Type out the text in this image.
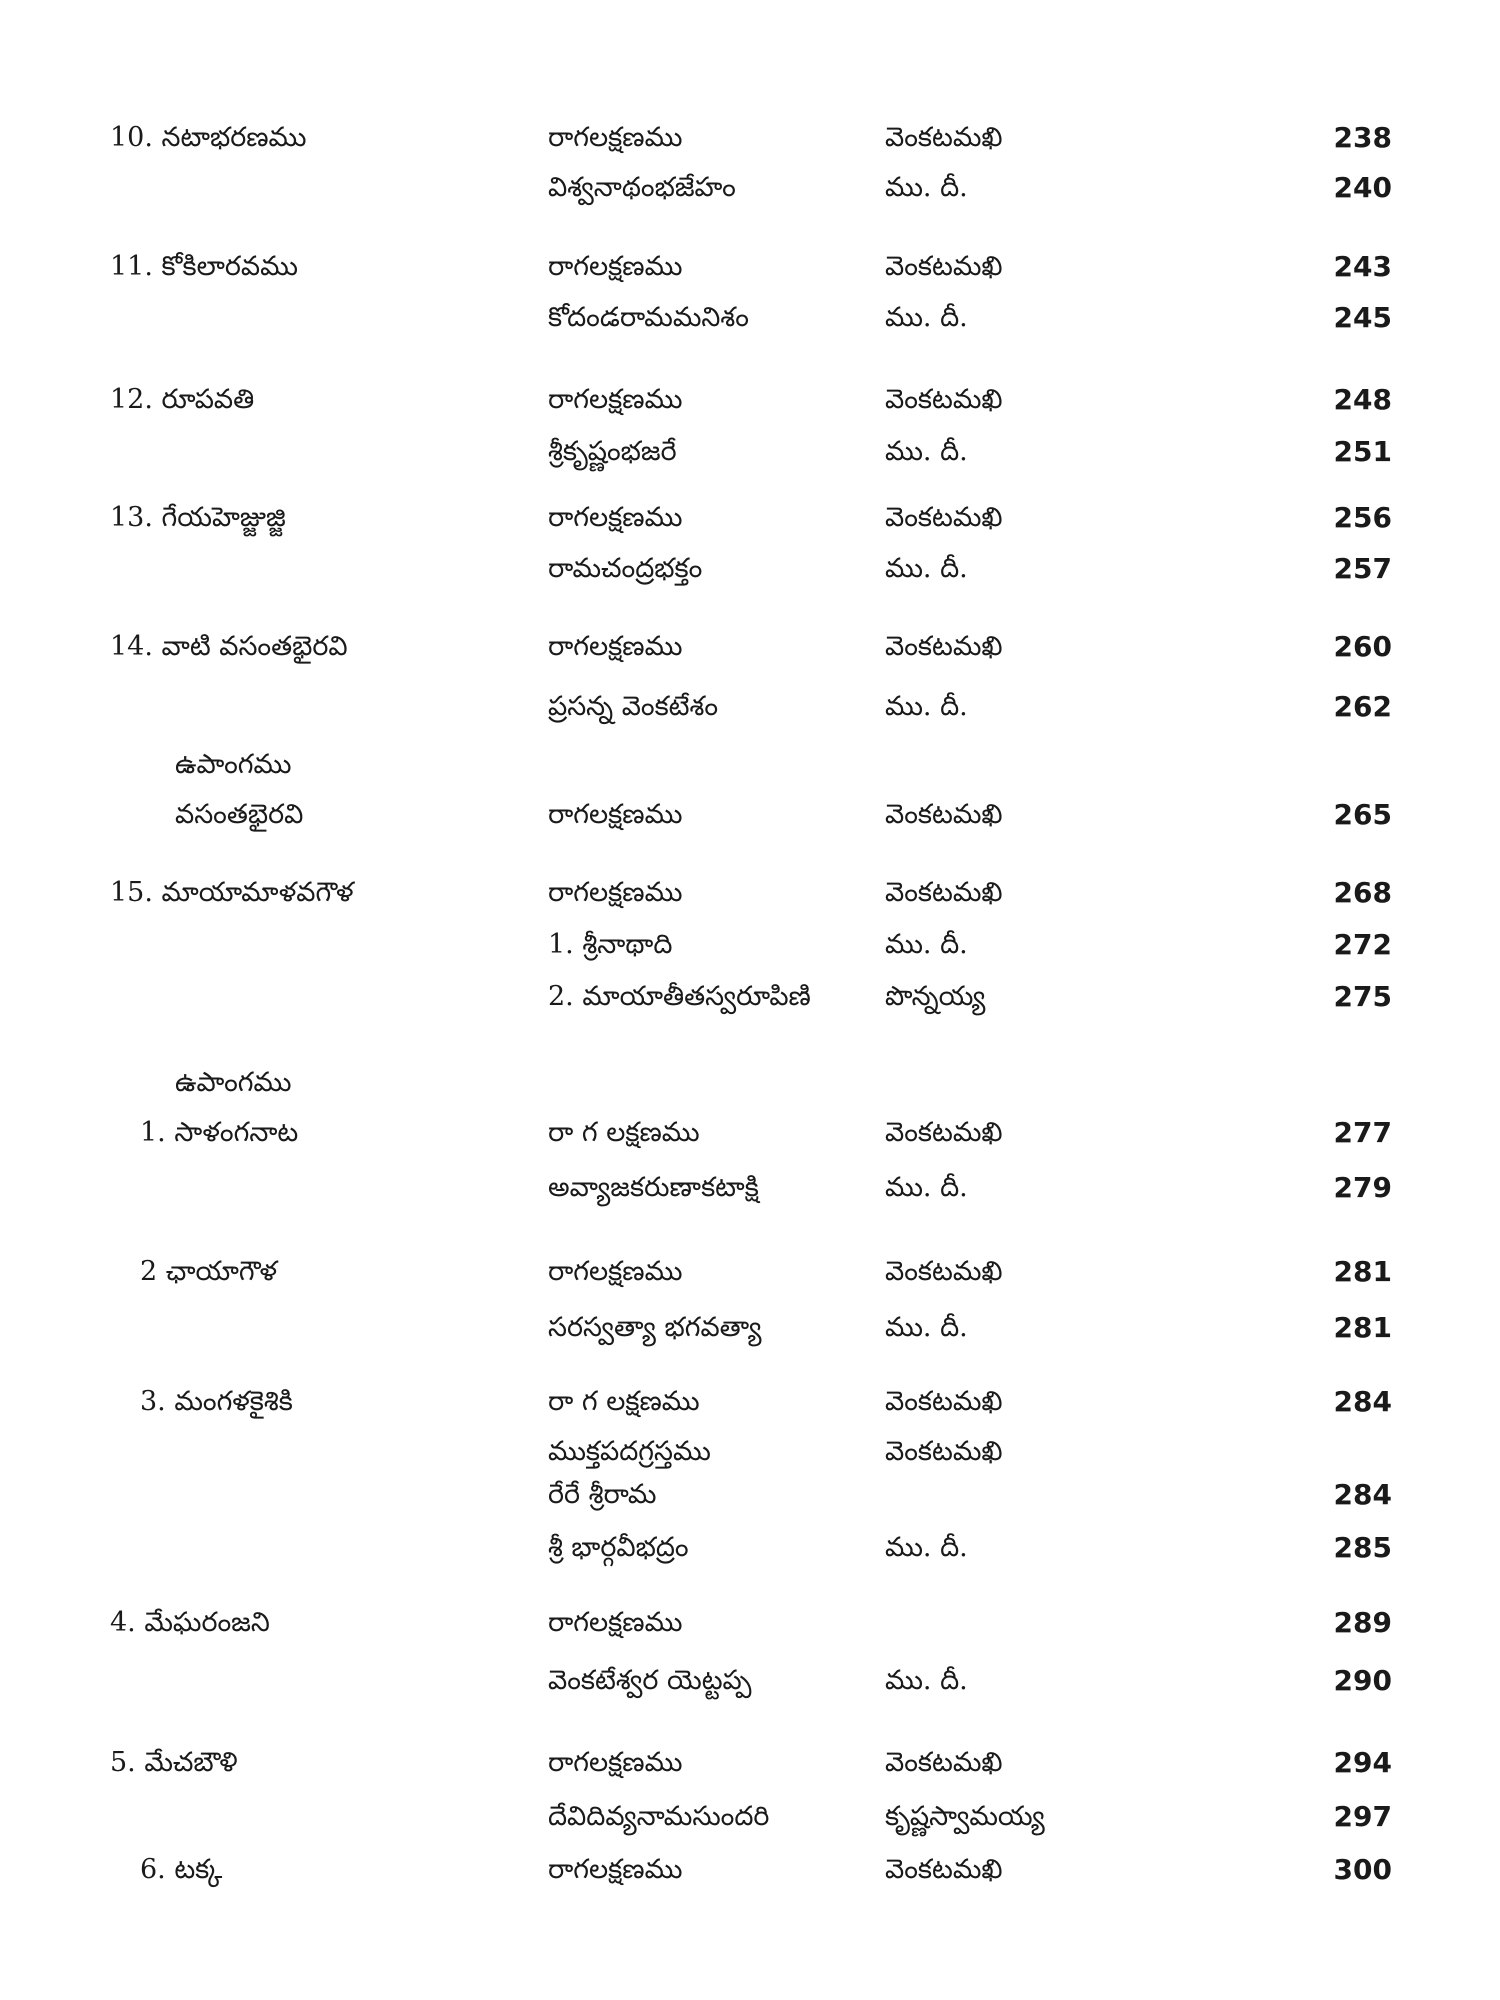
10. నటాభరణము	రాగలక్షణము	వెంకటమఖి	238
విశ్వనాథంభజేహం	ము. దీ.	240
11. కోకిలారవము	రాగలక్షణము	వెంకటమఖి	243
కోదండరామమనిశం	ము. దీ.	245
12. రూపవతి	రాగలక్షణము	వెంకటమఖి	248
శ్రీకృష్ణంభజరే	ము. దీ.	251
13. గేయహెజ్జుజ్జి	రాగలక్షణము	వెంకటమఖి	256
రామచంద్రభక్తం	ము. దీ.	257
14. వాటి వసంతభైరవి	రాగలక్షణము	వెంకటమఖి	260
ప్రసన్న వెంకటేశం	ము. దీ.	262
ఉపాంగము
వసంతభైరవి	రాగలక్షణము	వెంకటమఖి	265
15. మాయామాళవగౌళ	రాగలక్షణము	వెంకటమఖి	268
1. శ్రీనాథాది	ము. దీ.	272
2. మాయాతీతస్వరూపిణి	పొన్నయ్య	275
ఉపాంగము
1. సాళంగనాట	రా గ లక్షణము	వెంకటమఖి	277
అవ్యాజకరుణాకటాక్షి	ము. దీ.	279
2 ఛాయాగౌళ	రాగలక్షణము	వెంకటమఖి	281
సరస్వత్యా భగవత్యా	ము. దీ.	281
3. మంగళకైశికి	రా గ లక్షణము	వెంకటమఖి	284
ముక్తపదగ్రస్తము	వెంకటమఖి
రేరే శ్రీరామ	284
శ్రీ భార్గవీభద్రం	ము. దీ.	285
4. మేఘరంజని	రాగలక్షణము	289
వెంకటేశ్వర యెట్టప్ప	ము. దీ.	290
5. మేచబౌళి	రాగలక్షణము	వెంకటమఖి	294
దేవిదివ్యనామసుందరి	కృష్ణస్వామయ్య	297
6. టక్క	రాగలక్షణము	వెంకటమఖి	300
